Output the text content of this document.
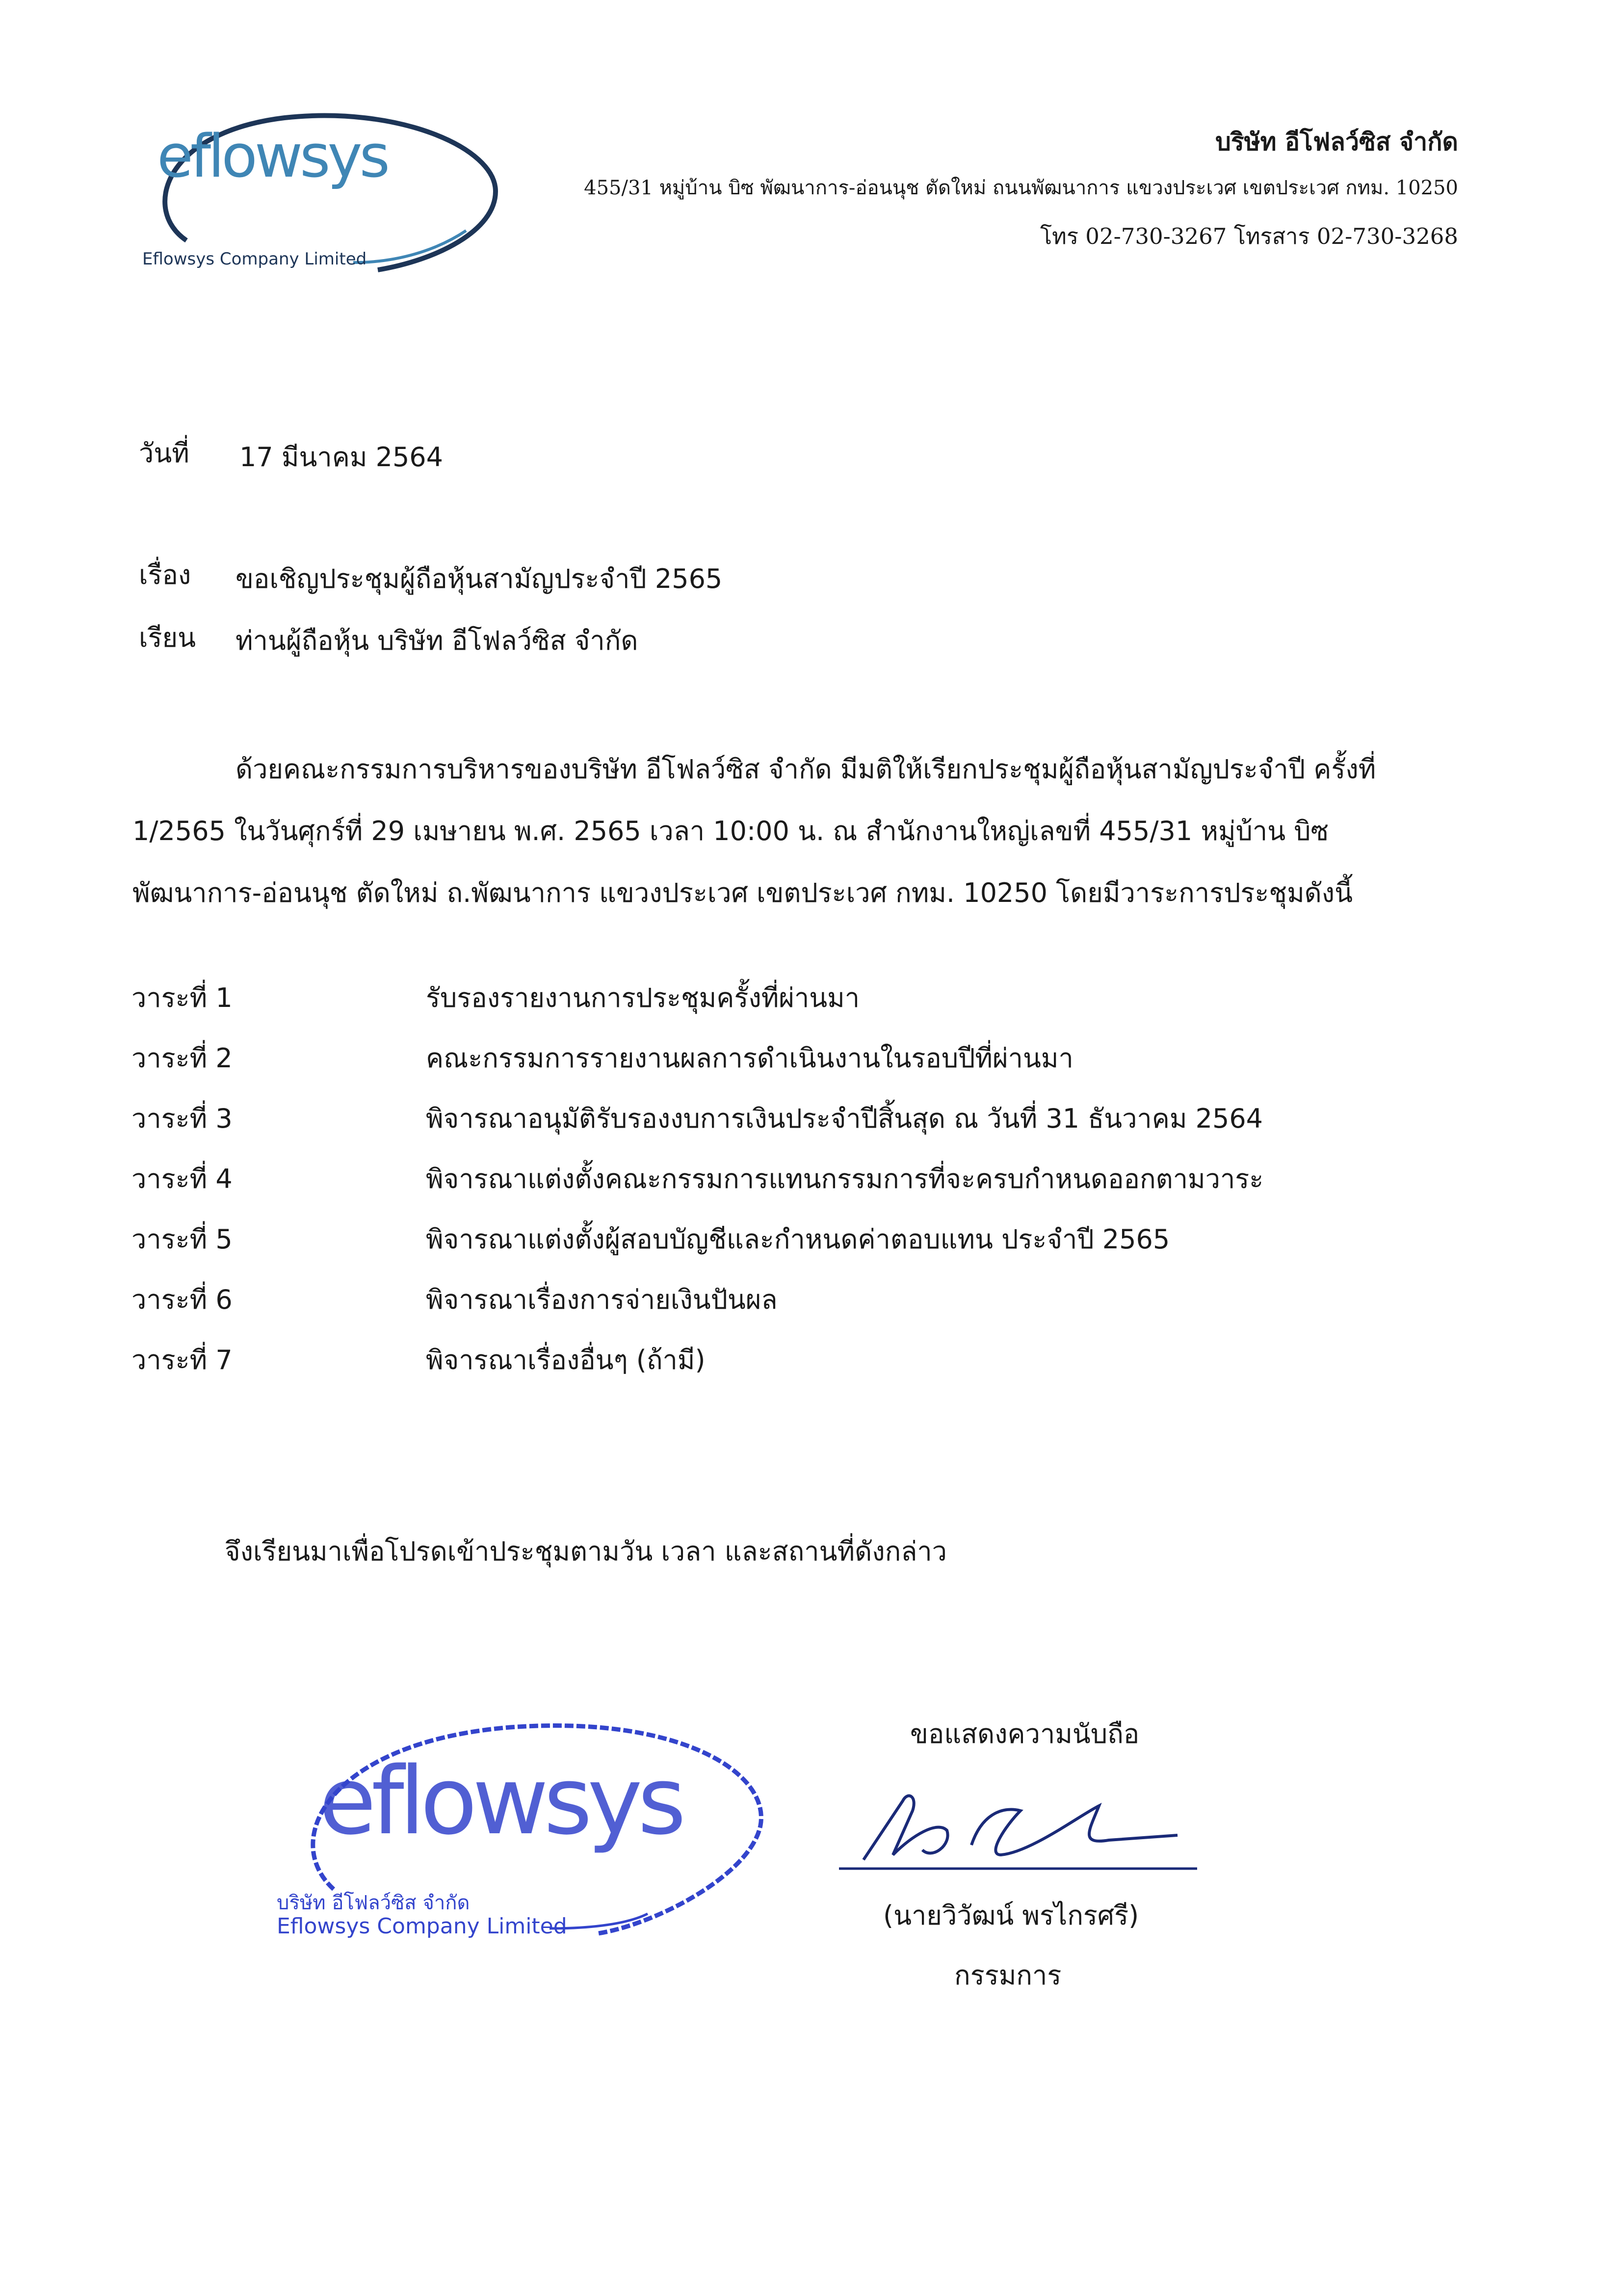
eflowsys
Eflowsys Company Limited
บริษัท อีโฟลว์ซิส จำกัด
455/31 หมู่บ้าน บิซ พัฒนาการ-อ่อนนุช ตัดใหม่ ถนนพัฒนาการ แขวงประเวศ เขตประเวศ กทม. 10250
โทร 02-730-3267 โทรสาร 02-730-3268
วันที่ 17 มีนาคม 2564
เรื่อง ขอเชิญประชุมผู้ถือหุ้นสามัญประจำปี 2565
เรียน ท่านผู้ถือหุ้น บริษัท อีโฟลว์ซิส จำกัด
ด้วยคณะกรรมการบริหารของบริษัท อีโฟลว์ซิส จำกัด มีมติให้เรียกประชุมผู้ถือหุ้นสามัญประจำปี ครั้งที่ 1/2565 ในวันศุกร์ที่ 29 เมษายน พ.ศ. 2565 เวลา 10:00 น. ณ สำนักงานใหญ่เลขที่ 455/31 หมู่บ้าน บิซ พัฒนาการ-อ่อนนุช ตัดใหม่ ถ.พัฒนาการ แขวงประเวศ เขตประเวศ กทม. 10250 โดยมีวาระการประชุมดังนี้
วาระที่ 1	รับรองรายงานการประชุมครั้งที่ผ่านมา
วาระที่ 2	คณะกรรมการรายงานผลการดำเนินงานในรอบปีที่ผ่านมา
วาระที่ 3	พิจารณาอนุมัติรับรองงบการเงินประจำปีสิ้นสุด ณ วันที่ 31 ธันวาคม 2564
วาระที่ 4	พิจารณาแต่งตั้งคณะกรรมการแทนกรรมการที่จะครบกำหนดออกตามวาระ
วาระที่ 5	พิจารณาแต่งตั้งผู้สอบบัญชีและกำหนดค่าตอบแทน ประจำปี 2565
วาระที่ 6	พิจารณาเรื่องการจ่ายเงินปันผล
วาระที่ 7	พิจารณาเรื่องอื่นๆ (ถ้ามี)
จึงเรียนมาเพื่อโปรดเข้าประชุมตามวัน เวลา และสถานที่ดังกล่าว
ขอแสดงความนับถือ
eflowsys
บริษัท อีโฟลว์ซิส จำกัด
Eflowsys Company Limited	(นายวิวัฒน์ พรไกรศรี)
กรรมการ
